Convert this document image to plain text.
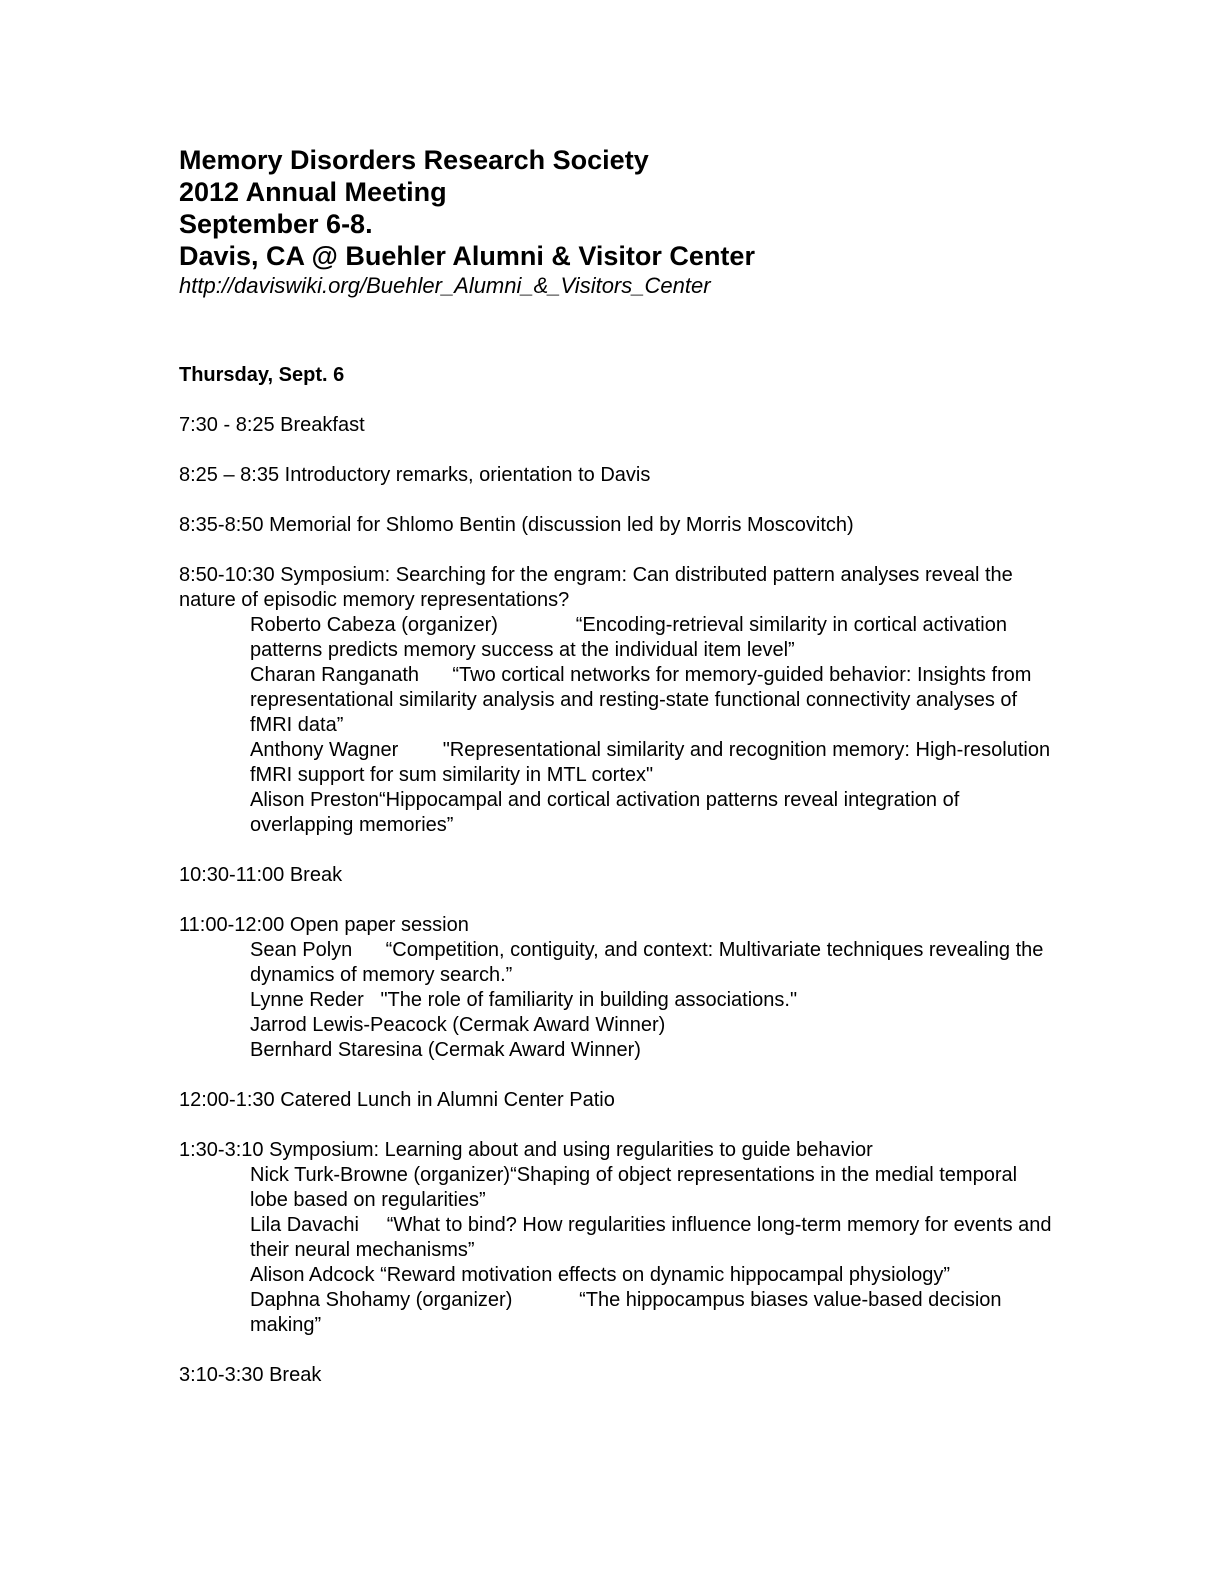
Memory Disorders Research Society
2012 Annual Meeting
September 6-8.
Davis, CA @ Buehler Alumni & Visitor Center
http://daviswiki.org/Buehler_Alumni_&_Visitors_Center
Thursday, Sept. 6
7:30 - 8:25 Breakfast
8:25 – 8:35 Introductory remarks, orientation to Davis
8:35-8:50 Memorial for Shlomo Bentin (discussion led by Morris Moscovitch)
8:50-10:30 Symposium: Searching for the engram: Can distributed pattern analyses reveal the nature of episodic memory representations?
Roberto Cabeza (organizer)	“Encoding-retrieval similarity in cortical activation patterns predicts memory success at the individual item level”
Charan Ranganath “Two cortical networks for memory-guided behavior: Insights from representational similarity analysis and resting-state functional connectivity analyses of fMRI data”
Anthony Wagner "Representational similarity and recognition memory: High-resolution fMRI support for sum similarity in MTL cortex"
Alison Preston“Hippocampal and cortical activation patterns reveal integration of overlapping memories”
10:30-11:00 Break
11:00-12:00 Open paper session
Sean Polyn “Competition, contiguity, and context: Multivariate techniques revealing the dynamics of memory search.”
Lynne Reder "The role of familiarity in building associations."
Jarrod Lewis-Peacock (Cermak Award Winner)
Bernhard Staresina (Cermak Award Winner)
12:00-1:30 Catered Lunch in Alumni Center Patio
1:30-3:10 Symposium: Learning about and using regularities to guide behavior
Nick Turk-Browne (organizer)“Shaping of object representations in the medial temporal lobe based on regularities”
Lila Davachi “What to bind? How regularities influence long-term memory for events and their neural mechanisms”
Alison Adcock “Reward motivation effects on dynamic hippocampal physiology”
Daphna Shohamy (organizer)	“The hippocampus biases value-based decision making”
3:10-3:30 Break
